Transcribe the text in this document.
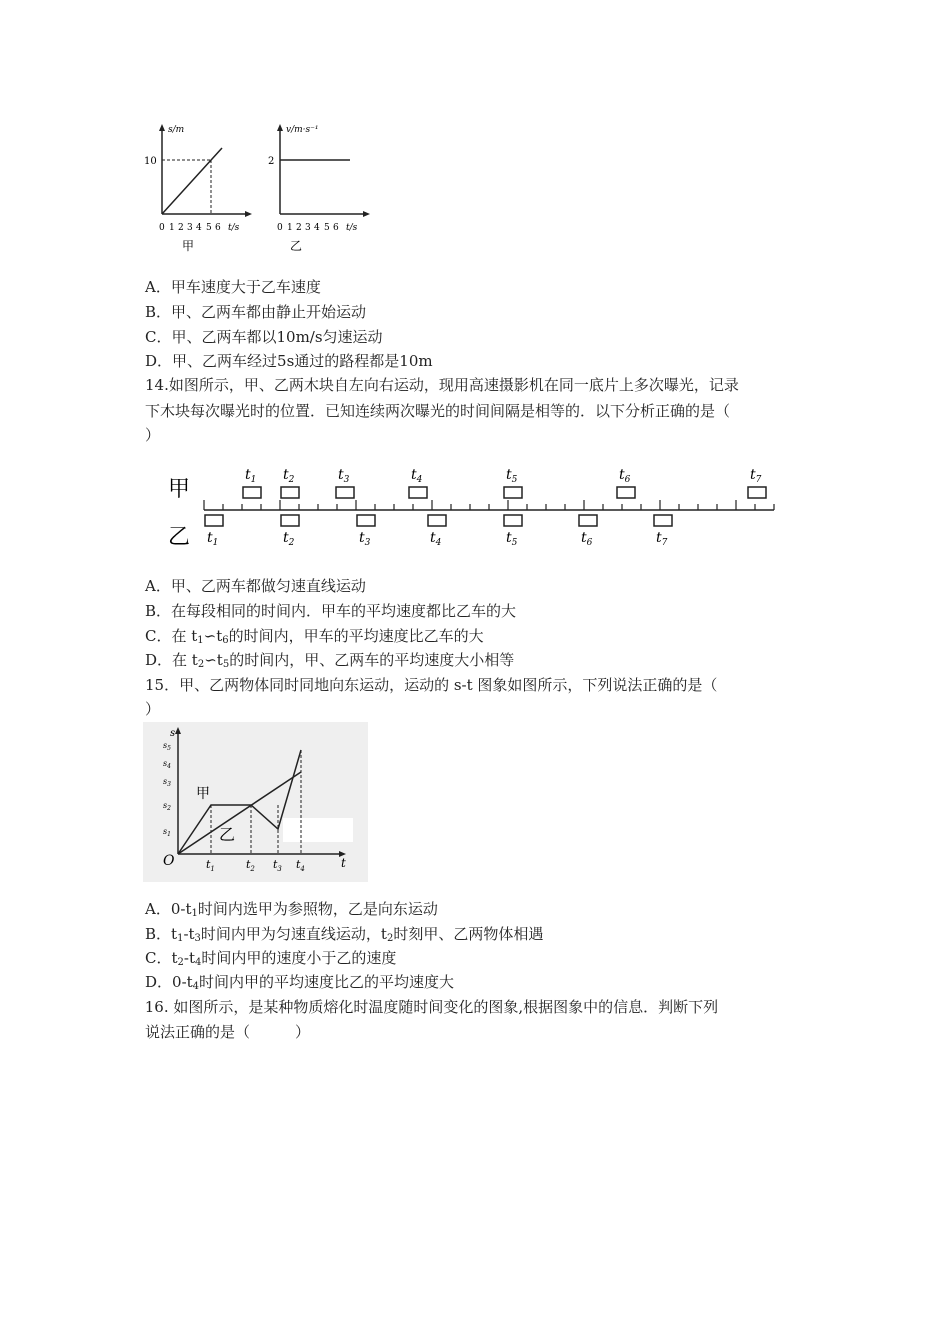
s/m
10
0 1 2 3 4 5 6 t/s
甲
v/m·s⁻¹
2
0 1 2 3 4 5 6 t/s
乙
A．甲车速度大于乙车速度
B．甲、乙两车都由静止开始运动
C．甲、乙两车都以10m/s匀速运动
D．甲、乙两车经过5s通过的路程都是10m
14.如图所示，甲、乙两木块自左向右运动，现用高速摄影机在同一底片上多次曝光，记录
下木块每次曝光时的位置．已知连续两次曝光的时间间隔是相等的．以下分析正确的是（
）
甲
乙
$t_1$ $t_2$	$t_3$	$t_4$	$t_5$	$t_6$	$t_7$
$t_1$	$t_2$	$t_3$	$t_4$	$t_5$	$t_6$	$t_7$
A．甲、乙两车都做匀速直线运动
B．在每段相同的时间内．甲车的平均速度都比乙车的大
C．在 $t_1∽t_6$的时间内，甲车的平均速度比乙车的大
D．在 $t_2∽t_5$的时间内，甲、乙两车的平均速度大小相等
15．甲、乙两物体同时同地向东运动，运动的 s-t 图象如图所示，下列说法正确的是（
）
s
t
O
甲
乙
$s_1$
$s_2$
$s_3$
$s_4$
$s_5$
$t_1$	$t_2$ $t_3$ $t_4$
A．$0-t_1$时间内选甲为参照物，乙是向东运动
B．$t_1-t_3$时间内甲为匀速直线运动，$t_2$时刻甲、乙两物体相遇
C．$t_2-t_4$时间内甲的速度小于乙的速度
D．$0-t_4$时间内甲的平均速度比乙的平均速度大
16. 如图所示，是某种物质熔化时温度随时间变化的图象,根据图象中的信息．判断下列
说法正确的是（　　　）
